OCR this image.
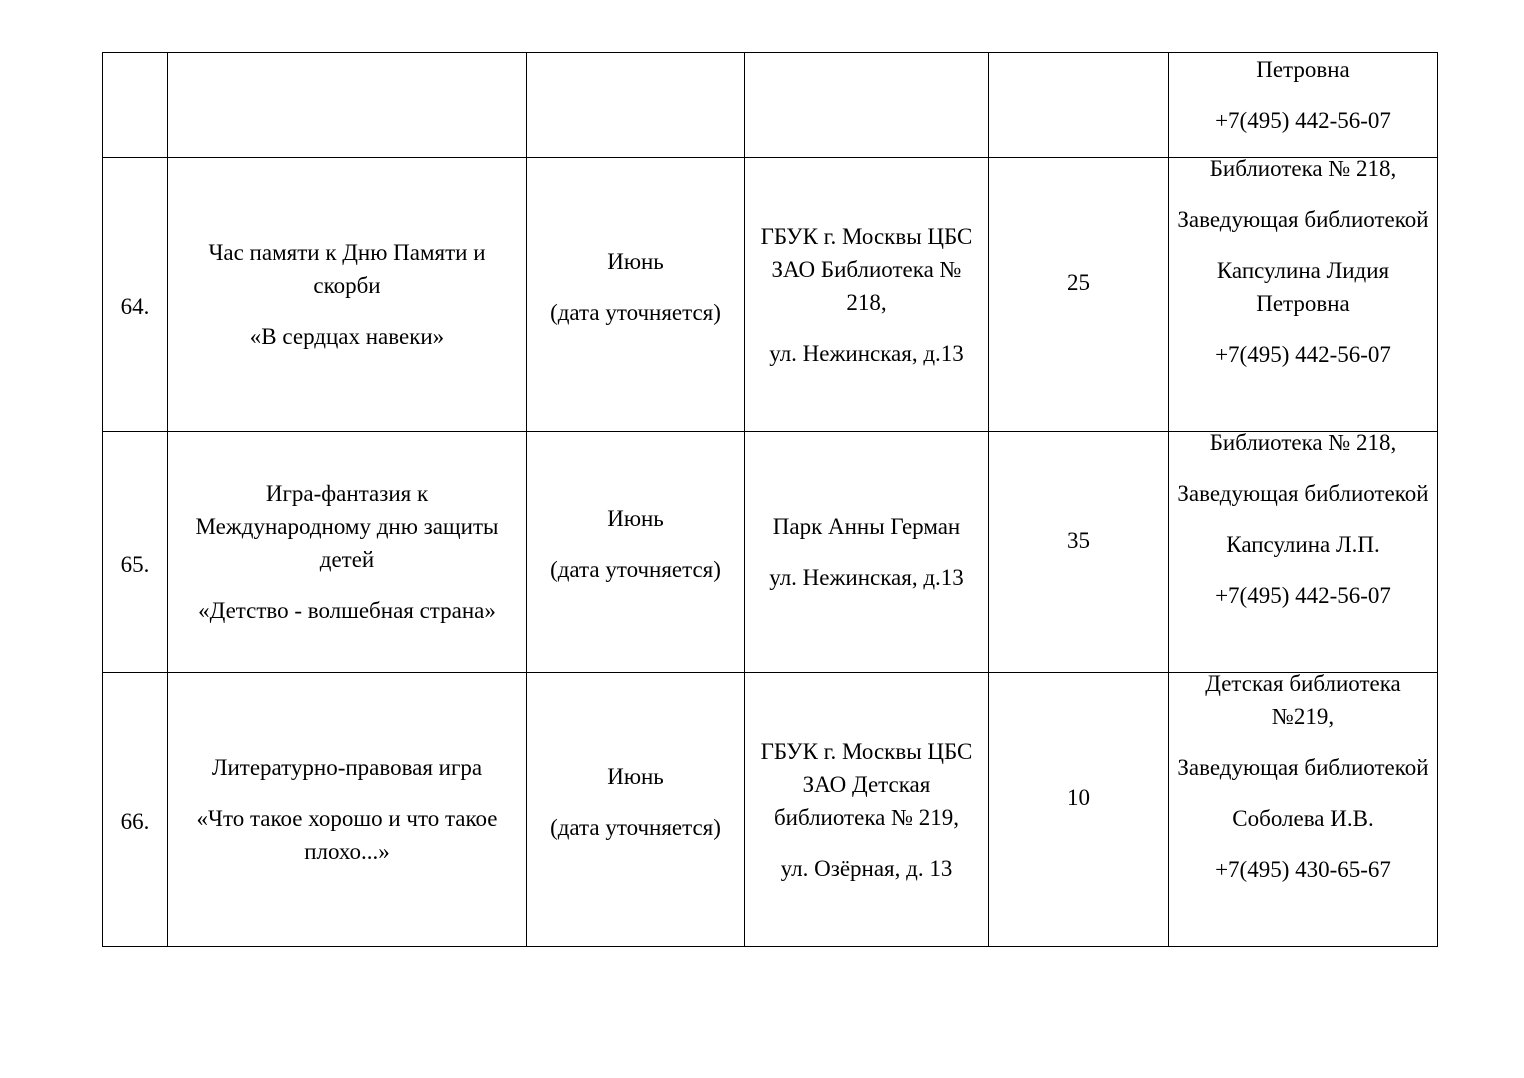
					Петровна
+7(495) 442-56-07

64.	Час памяти к Дню Памяти и скорби
«В сердцах навеки»	Июнь
(дата уточняется)	ГБУК г. Москвы ЦБС ЗАО Библиотека № 218,
ул. Нежинская, д.13	25	Библиотека № 218,
Заведующая библиотекой
Капсулина Лидия Петровна
+7(495) 442-56-07

65.	Игра-фантазия к Международному дню защиты детей
«Детство - волшебная страна»	Июнь
(дата уточняется)	Парк Анны Герман
ул. Нежинская, д.13	35	Библиотека № 218,
Заведующая библиотекой
Капсулина Л.П.
+7(495) 442-56-07

66.	Литературно-правовая игра
«Что такое хорошо и что такое плохо...»	Июнь
(дата уточняется)	ГБУК г. Москвы ЦБС ЗАО Детская библиотека № 219,
ул. Озёрная, д. 13	10	Детская библиотека №219,
Заведующая библиотекой
Соболева И.В.
+7(495) 430-65-67
